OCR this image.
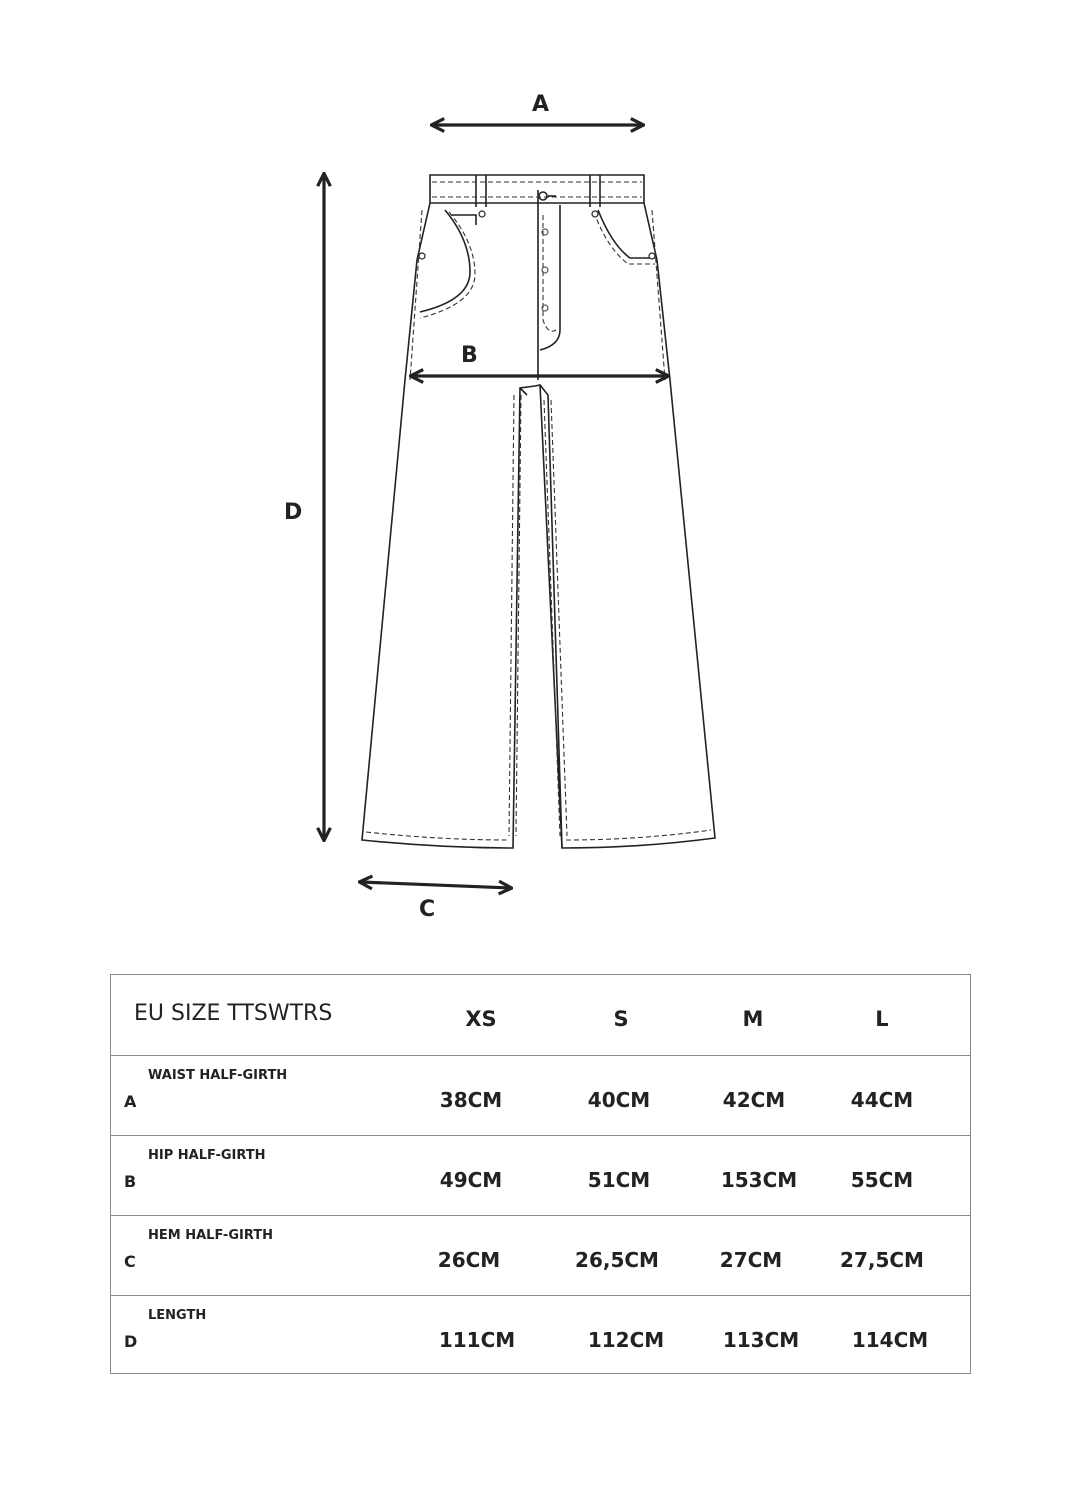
A
B
C
D
EU SIZE TTSWTRS	XS	S	M	L
A
WAIST HALF-GIRTH
38CM	40CM	42CM	44CM
B
HIP HALF-GIRTH
49CM	51CM	153CM	55CM
C
HEM HALF-GIRTH
26CM	26,5CM	27CM	27,5CM
D
LENGTH
111CM	112CM	113CM	114CM
